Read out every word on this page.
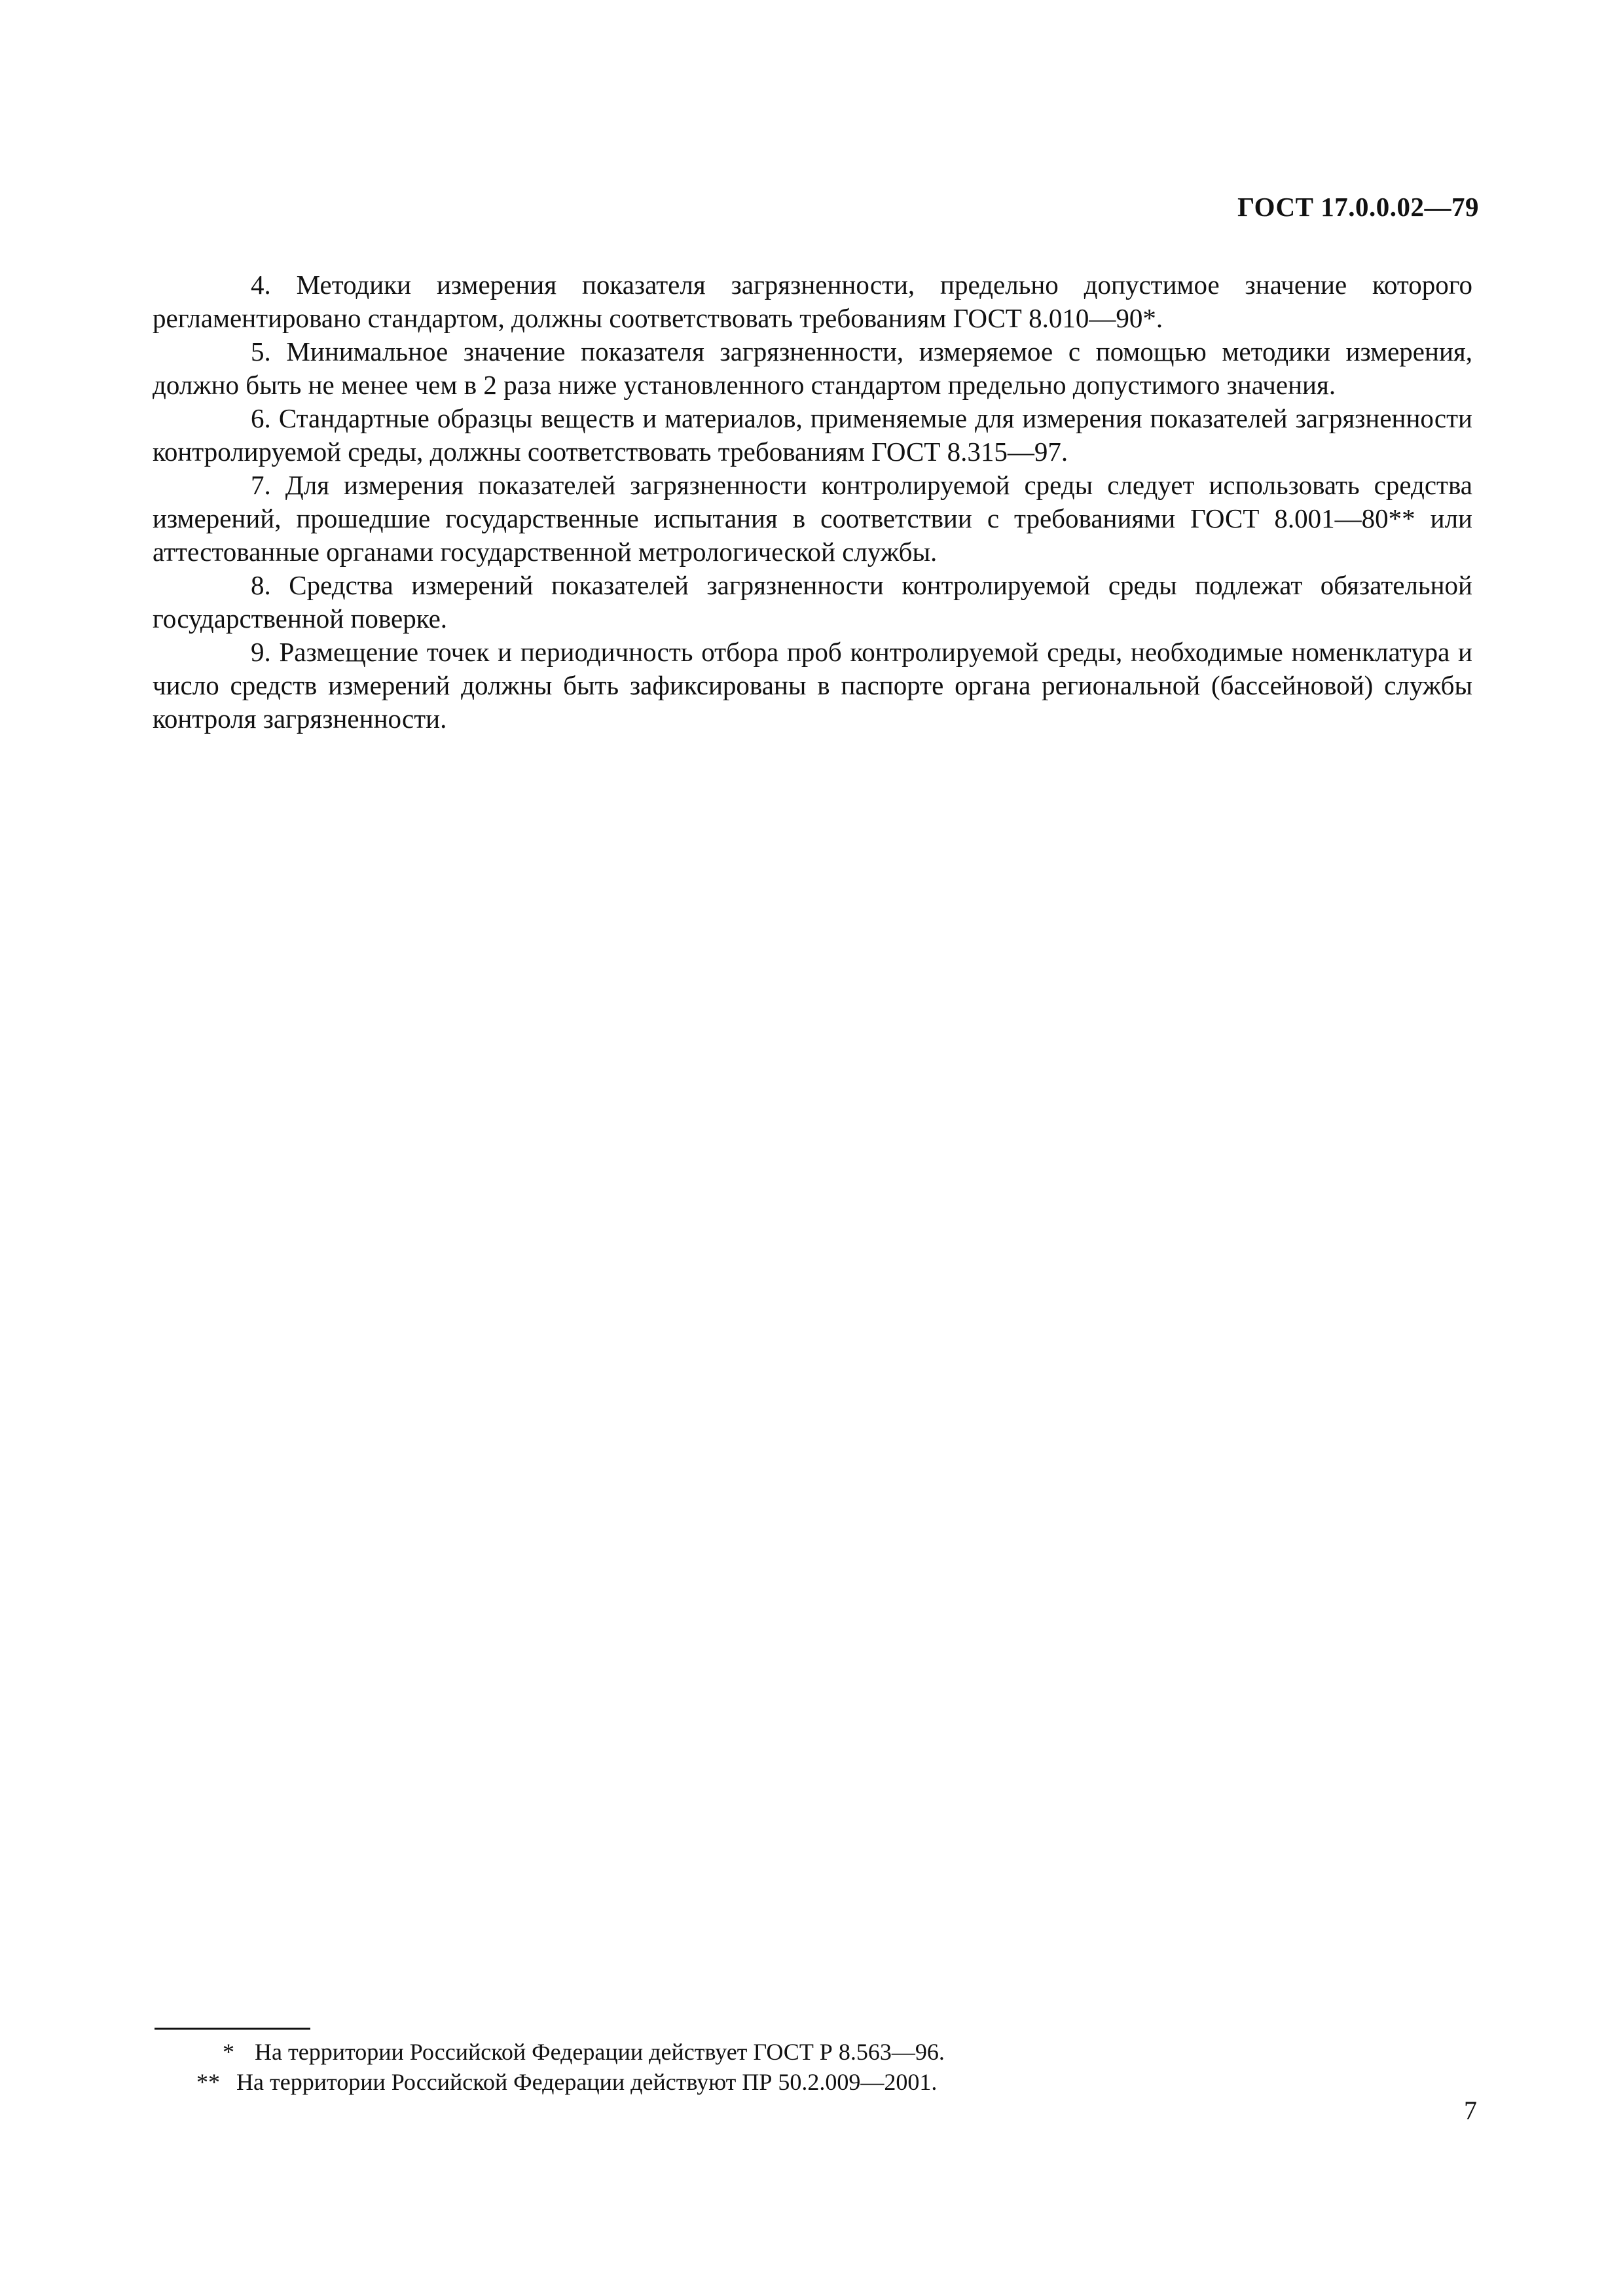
ГОСТ 17.0.0.02—79

4. Методики измерения показателя загрязненности, предельно допустимое значение которого регламентировано стандартом, должны соответствовать требованиям ГОСТ 8.010—90*.

5. Минимальное значение показателя загрязненности, измеряемое с помощью методики измерения, должно быть не менее чем в 2 раза ниже установленного стандартом предельно допустимого значения.

6. Стандартные образцы веществ и материалов, применяемые для измерения показателей загрязненности контролируемой среды, должны соответствовать требованиям ГОСТ 8.315—97.

7. Для измерения показателей загрязненности контролируемой среды следует использовать средства измерений, прошедшие государственные испытания в соответствии с требованиями ГОСТ 8.001—80** или аттестованные органами государственной метрологической службы.

8. Средства измерений показателей загрязненности контролируемой среды подлежат обязательной государственной поверке.

9. Размещение точек и периодичность отбора проб контролируемой среды, необходимые номенклатура и число средств измерений должны быть зафиксированы в паспорте органа региональной (бассейновой) службы контроля загрязненности.

* На территории Российской Федерации действует ГОСТ Р 8.563—96.

** На территории Российской Федерации действуют ПР 50.2.009—2001.

7
